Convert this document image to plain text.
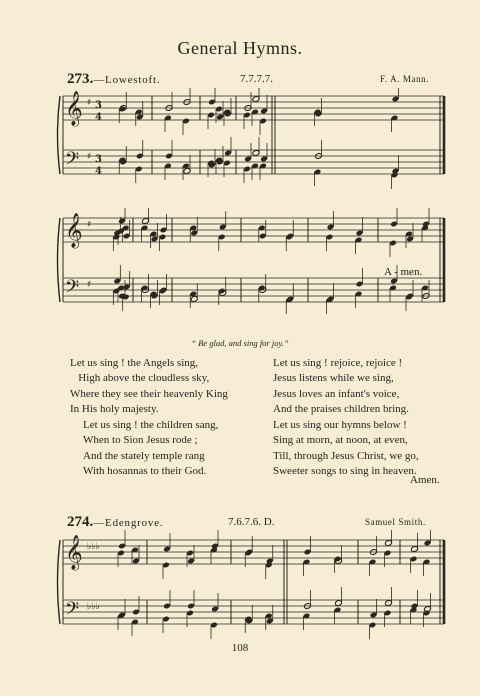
General Hymns.
273.—Lowestoft.	7.7.7.7.	F. A. Mann.
𝄞
𝄢
♯
♯
3
4
3
4
𝄞
𝄢
♯
♯
A - men.
“ Be glad, and sing for joy.”
Let us sing ! the Angels sing,
High above the cloudless sky,
Where they see their heavenly King
In His holy majesty.
Let us sing ! the children sang,
When to Sion Jesus rode ;
And the stately temple rang
With hosannas to their God.
Let us sing ! rejoice, rejoice !
Jesus listens while we sing,
Jesus loves an infant's voice,
And the praises children bring.
Let us sing our hymns below !
Sing at morn, at noon, at even,
Till, through Jesus Christ, we go,
Sweeter songs to sing in heaven.
Amen.
274.—Edengrove.	7.6.7.6. D.	Samuel Smith.
𝄞
𝄢
♭♭♭
♭♭♭
108
